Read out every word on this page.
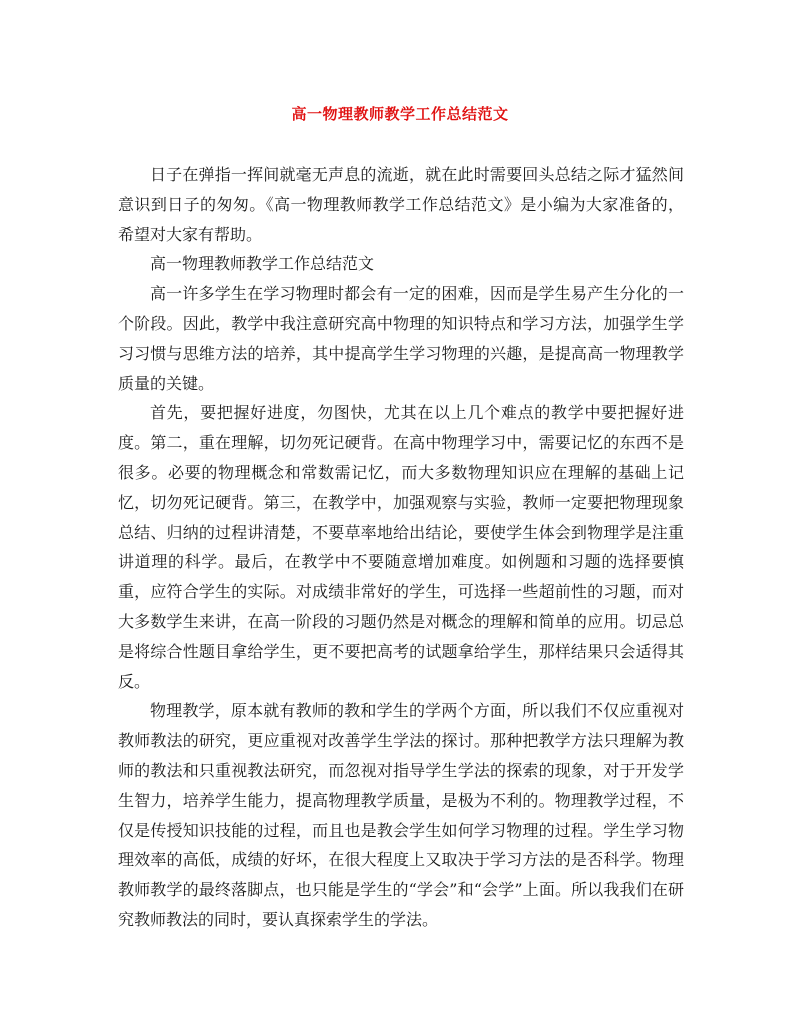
高一物理教师教学工作总结范文

日子在弹指一挥间就毫无声息的流逝，就在此时需要回头总结之际才猛然间意识到日子的匆匆。《高一物理教师教学工作总结范文》是小编为大家准备的，希望对大家有帮助。

高一物理教师教学工作总结范文

高一许多学生在学习物理时都会有一定的困难，因而是学生易产生分化的一个阶段。因此，教学中我注意研究高中物理的知识特点和学习方法，加强学生学习习惯与思维方法的培养，其中提高学生学习物理的兴趣，是提高高一物理教学质量的关键。

首先，要把握好进度，勿图快，尤其在以上几个难点的教学中要把握好进度。第二，重在理解，切勿死记硬背。在高中物理学习中，需要记忆的东西不是很多。必要的物理概念和常数需记忆，而大多数物理知识应在理解的基础上记忆，切勿死记硬背。第三，在教学中，加强观察与实验，教师一定要把物理现象总结、归纳的过程讲清楚，不要草率地给出结论，要使学生体会到物理学是注重讲道理的科学。最后，在教学中不要随意增加难度。如例题和习题的选择要慎重，应符合学生的实际。对成绩非常好的学生，可选择一些超前性的习题，而对大多数学生来讲，在高一阶段的习题仍然是对概念的理解和简单的应用。切忌总是将综合性题目拿给学生，更不要把高考的试题拿给学生，那样结果只会适得其反。

物理教学，原本就有教师的教和学生的学两个方面，所以我们不仅应重视对教师教法的研究，更应重视对改善学生学法的探讨。那种把教学方法只理解为教师的教法和只重视教法研究，而忽视对指导学生学法的探索的现象，对于开发学生智力，培养学生能力，提高物理教学质量，是极为不利的。物理教学过程，不仅是传授知识技能的过程，而且也是教会学生如何学习物理的过程。学生学习物理效率的高低，成绩的好坏，在很大程度上又取决于学习方法的是否科学。物理教师教学的最终落脚点，也只能是学生的“学会”和“会学”上面。所以我我们在研究教师教法的同时，要认真探索学生的学法。
